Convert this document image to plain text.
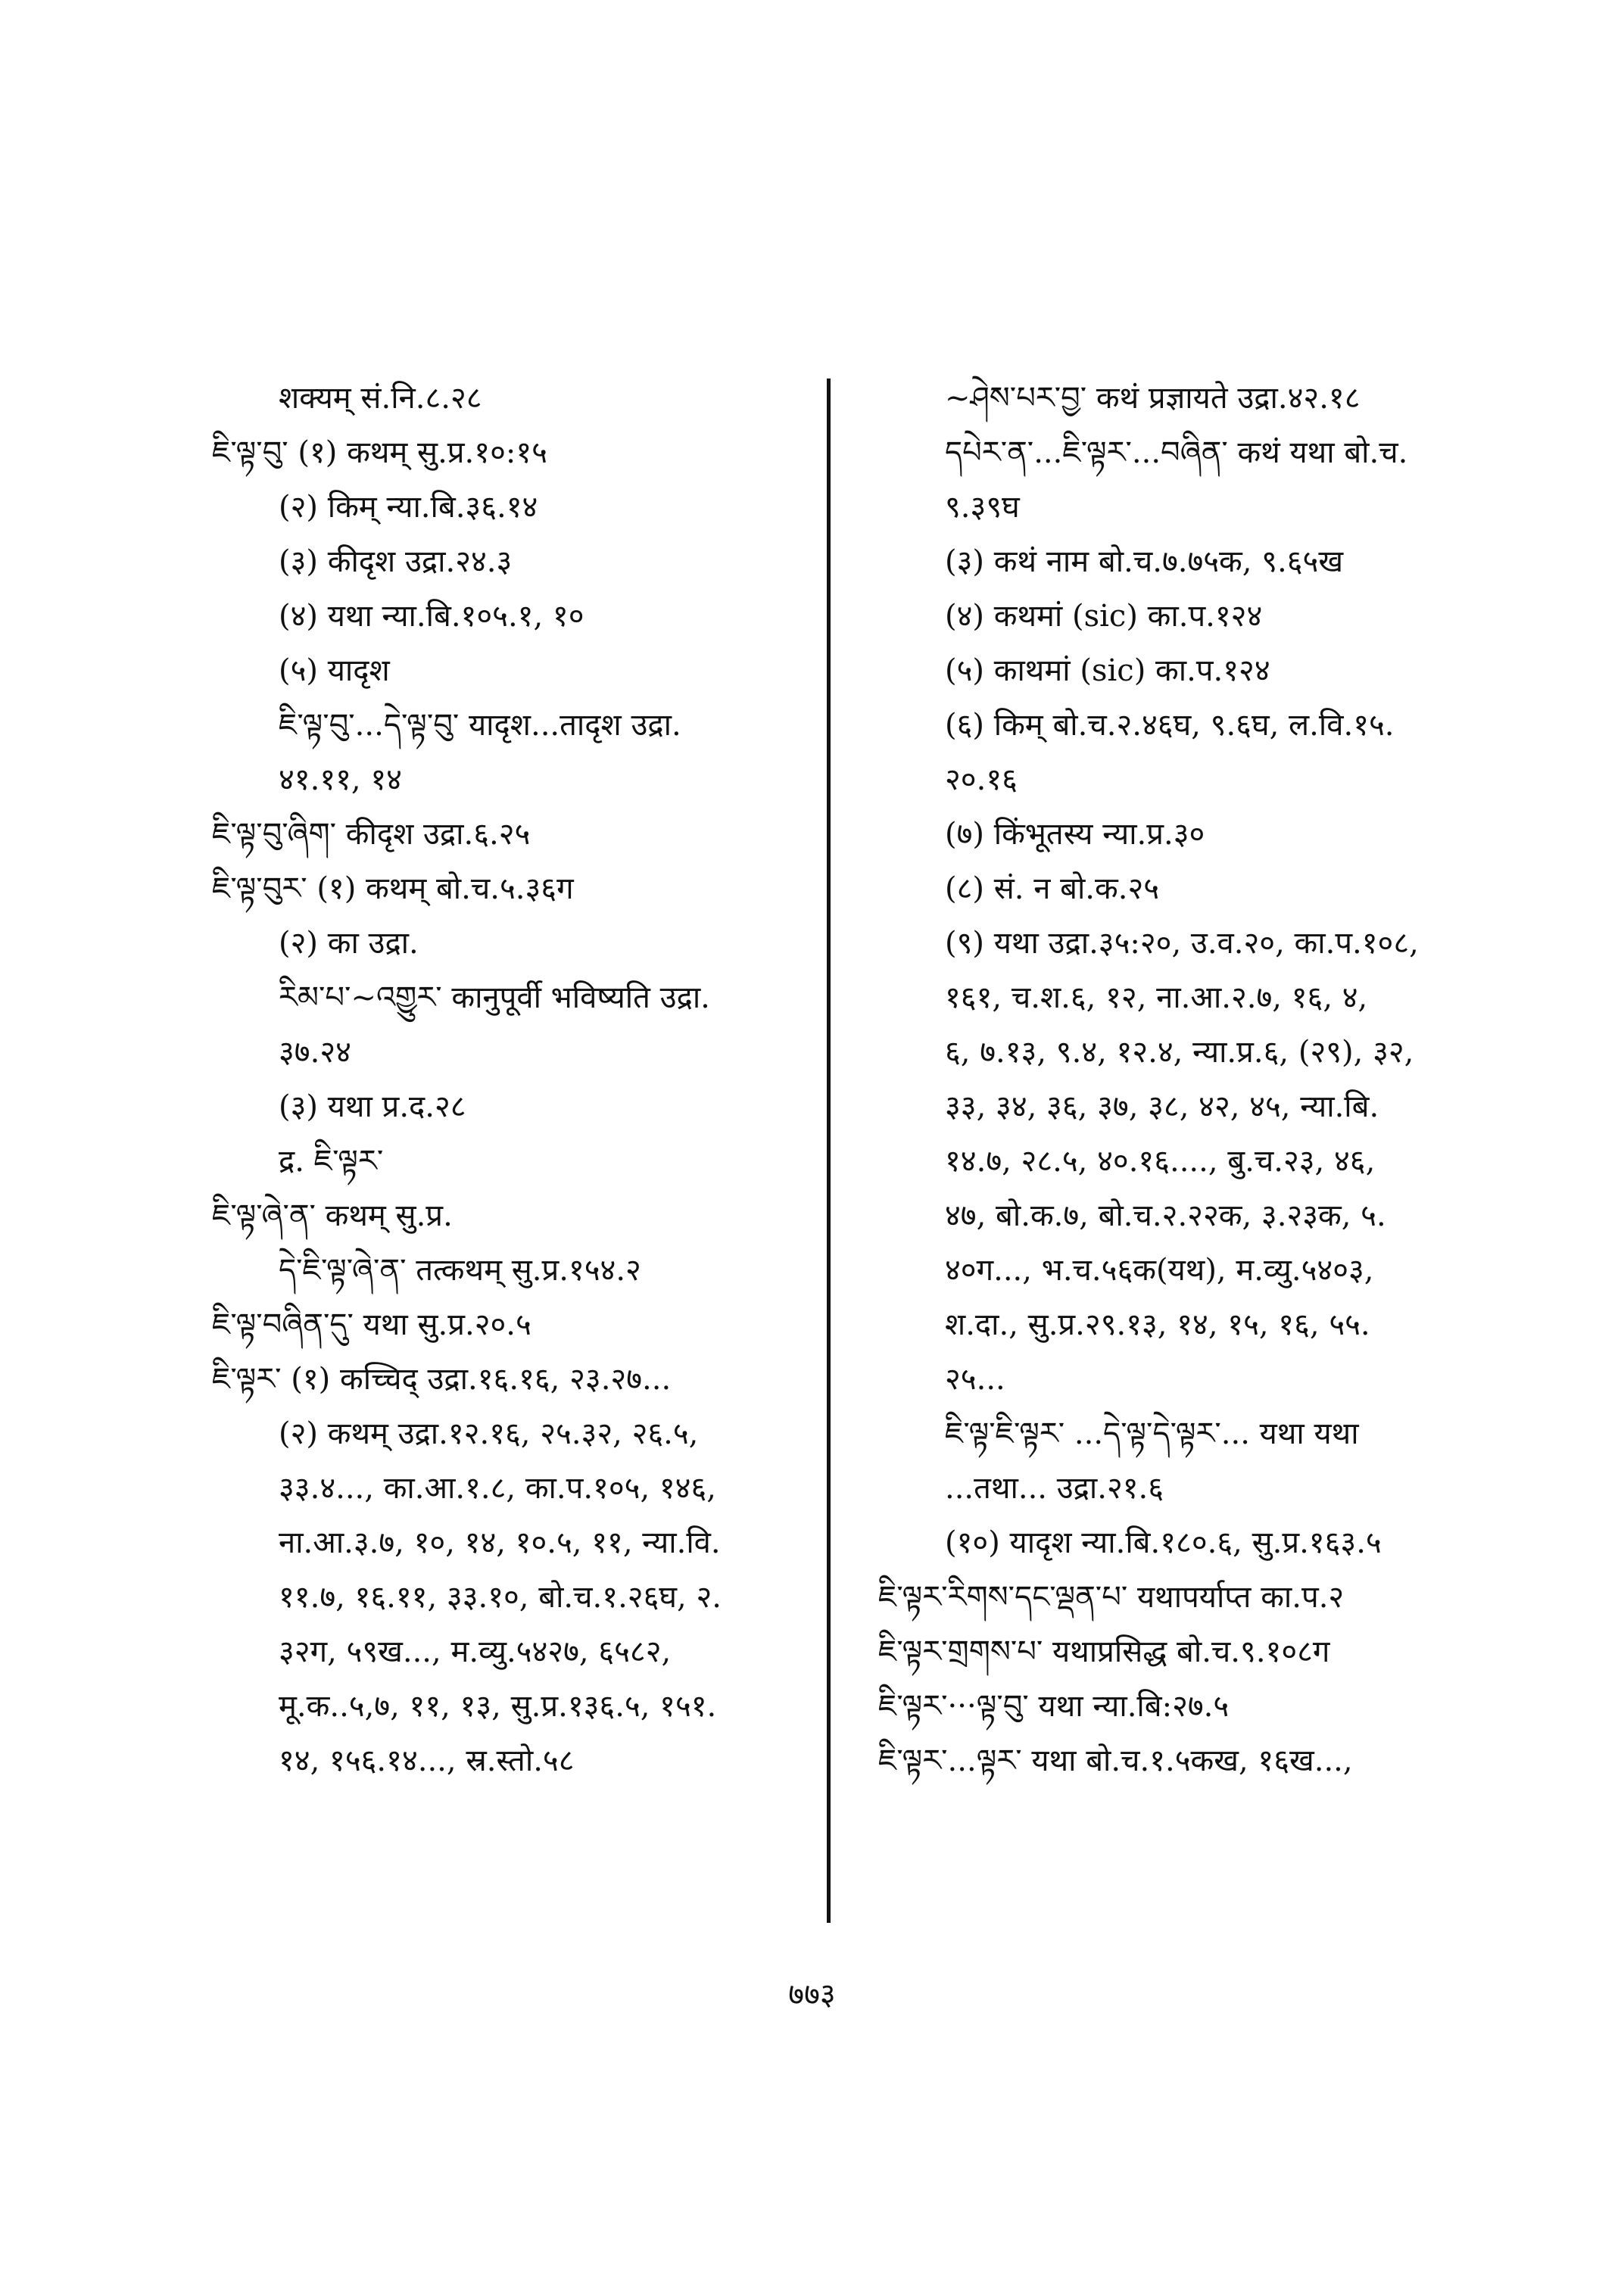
शक्यम् सं.नि.८.२८
ཇི་ལྟ་བུ་ (१) कथम् सु.प्र.१०:१५
(२) किम् न्या.बि.३६.१४
(३) कीदृश उद्रा.२४.३
(४) यथा न्या.बि.१०५.१, १०
(५) यादृश
ཇི་ལྟ་བུ་...དེ་ལྟ་བུ་ यादृश...तादृश उद्रा.
४१.११, १४
ཇི་ལྟ་བུ་ཞིག་ कीदृश उद्रा.६.२५
ཇི་ལྟ་བུར་ (१) कथम् बो.च.५.३६ग
(२) का उद्रा.
རིམ་པ་~འགྱུར་ कानुपूर्वी भविष्यति उद्रा.
३७.२४
(३) यथा प्र.द.२८
द्र. ཇི་ལྟར་
ཇི་ལྟ་ཞེ་ན་ कथम् सु.प्र.
དེ་ཇི་ལྟ་ཞེ་ན་ तत्कथम् सु.प्र.१५४.२
ཇི་ལྟ་བཞིན་དུ་ यथा सु.प्र.२०.५
ཇི་ལྟར་ (१) कच्चिद् उद्रा.१६.१६, २३.२७...
(२) कथम् उद्रा.१२.१६, २५.३२, २६.५,
३३.४..., का.आ.१.८, का.प.१०५, १४६,
ना.आ.३.७, १०, १४, १०.५, ११, न्या.वि.
११.७, १६.११, ३३.१०, बो.च.१.२६घ, २.
३२ग, ५९ख..., म.व्यु.५४२७, ६५८२,
मू.क..५,७, ११, १३, सु.प्र.१३६.५, १५१.
१४, १५६.१४..., स्र.स्तो.५८
~ཤེས་པར་བྱ་ कथं प्रज्ञायते उद्रा.४२.१८
དཔེར་ན་...ཇི་ལྟར་...བཞིན་ कथं यथा बो.च.
९.३९घ
(३) कथं नाम बो.च.७.७५क, ९.६५ख
(४) कथमां (sic) का.प.१२४
(५) काथमां (sic) का.प.१२४
(६) किम् बो.च.२.४६घ, ९.६घ, ल.वि.१५.
२०.१६
(७) किंभूतस्य न्या.प्र.३०
(८) सं. न बो.क.२५
(९) यथा उद्रा.३५:२०, उ.व.२०, का.प.१०८,
१६१, च.श.६, १२, ना.आ.२.७, १६, ४,
६, ७.१३, ९.४, १२.४, न्या.प्र.६, (२९), ३२,
३३, ३४, ३६, ३७, ३८, ४२, ४५, न्या.बि.
१४.७, २८.५, ४०.१६...., बु.च.२३, ४६,
४७, बो.क.७, बो.च.२.२२क, ३.२३क, ५.
४०ग..., भ.च.५६क(यथ), म.व्यु.५४०३,
श.दा., सु.प्र.२९.१३, १४, १५, १६, ५५.
२५...
ཇི་ལྟ་ཇི་ལྟར་ ...དེ་ལྟ་དེ་ལྟར་... यथा यथा
...तथा... उद्रा.२१.६
(१०) यादृश न्या.बि.१८०.६, सु.प्र.१६३.५
ཇི་ལྟར་རིགས་དང་ལྡན་པ་ यथापर्याप्त का.प.२
ཇི་ལྟར་གྲགས་པ་ यथाप्रसिद्ध बो.च.९.१०८ग
ཇི་ལྟར་···ལྟ་བུ་ यथा न्या.बि:२७.५
ཇི་ལྟར་...ལྟར་ यथा बो.च.१.५कख, १६ख...,
७७३
